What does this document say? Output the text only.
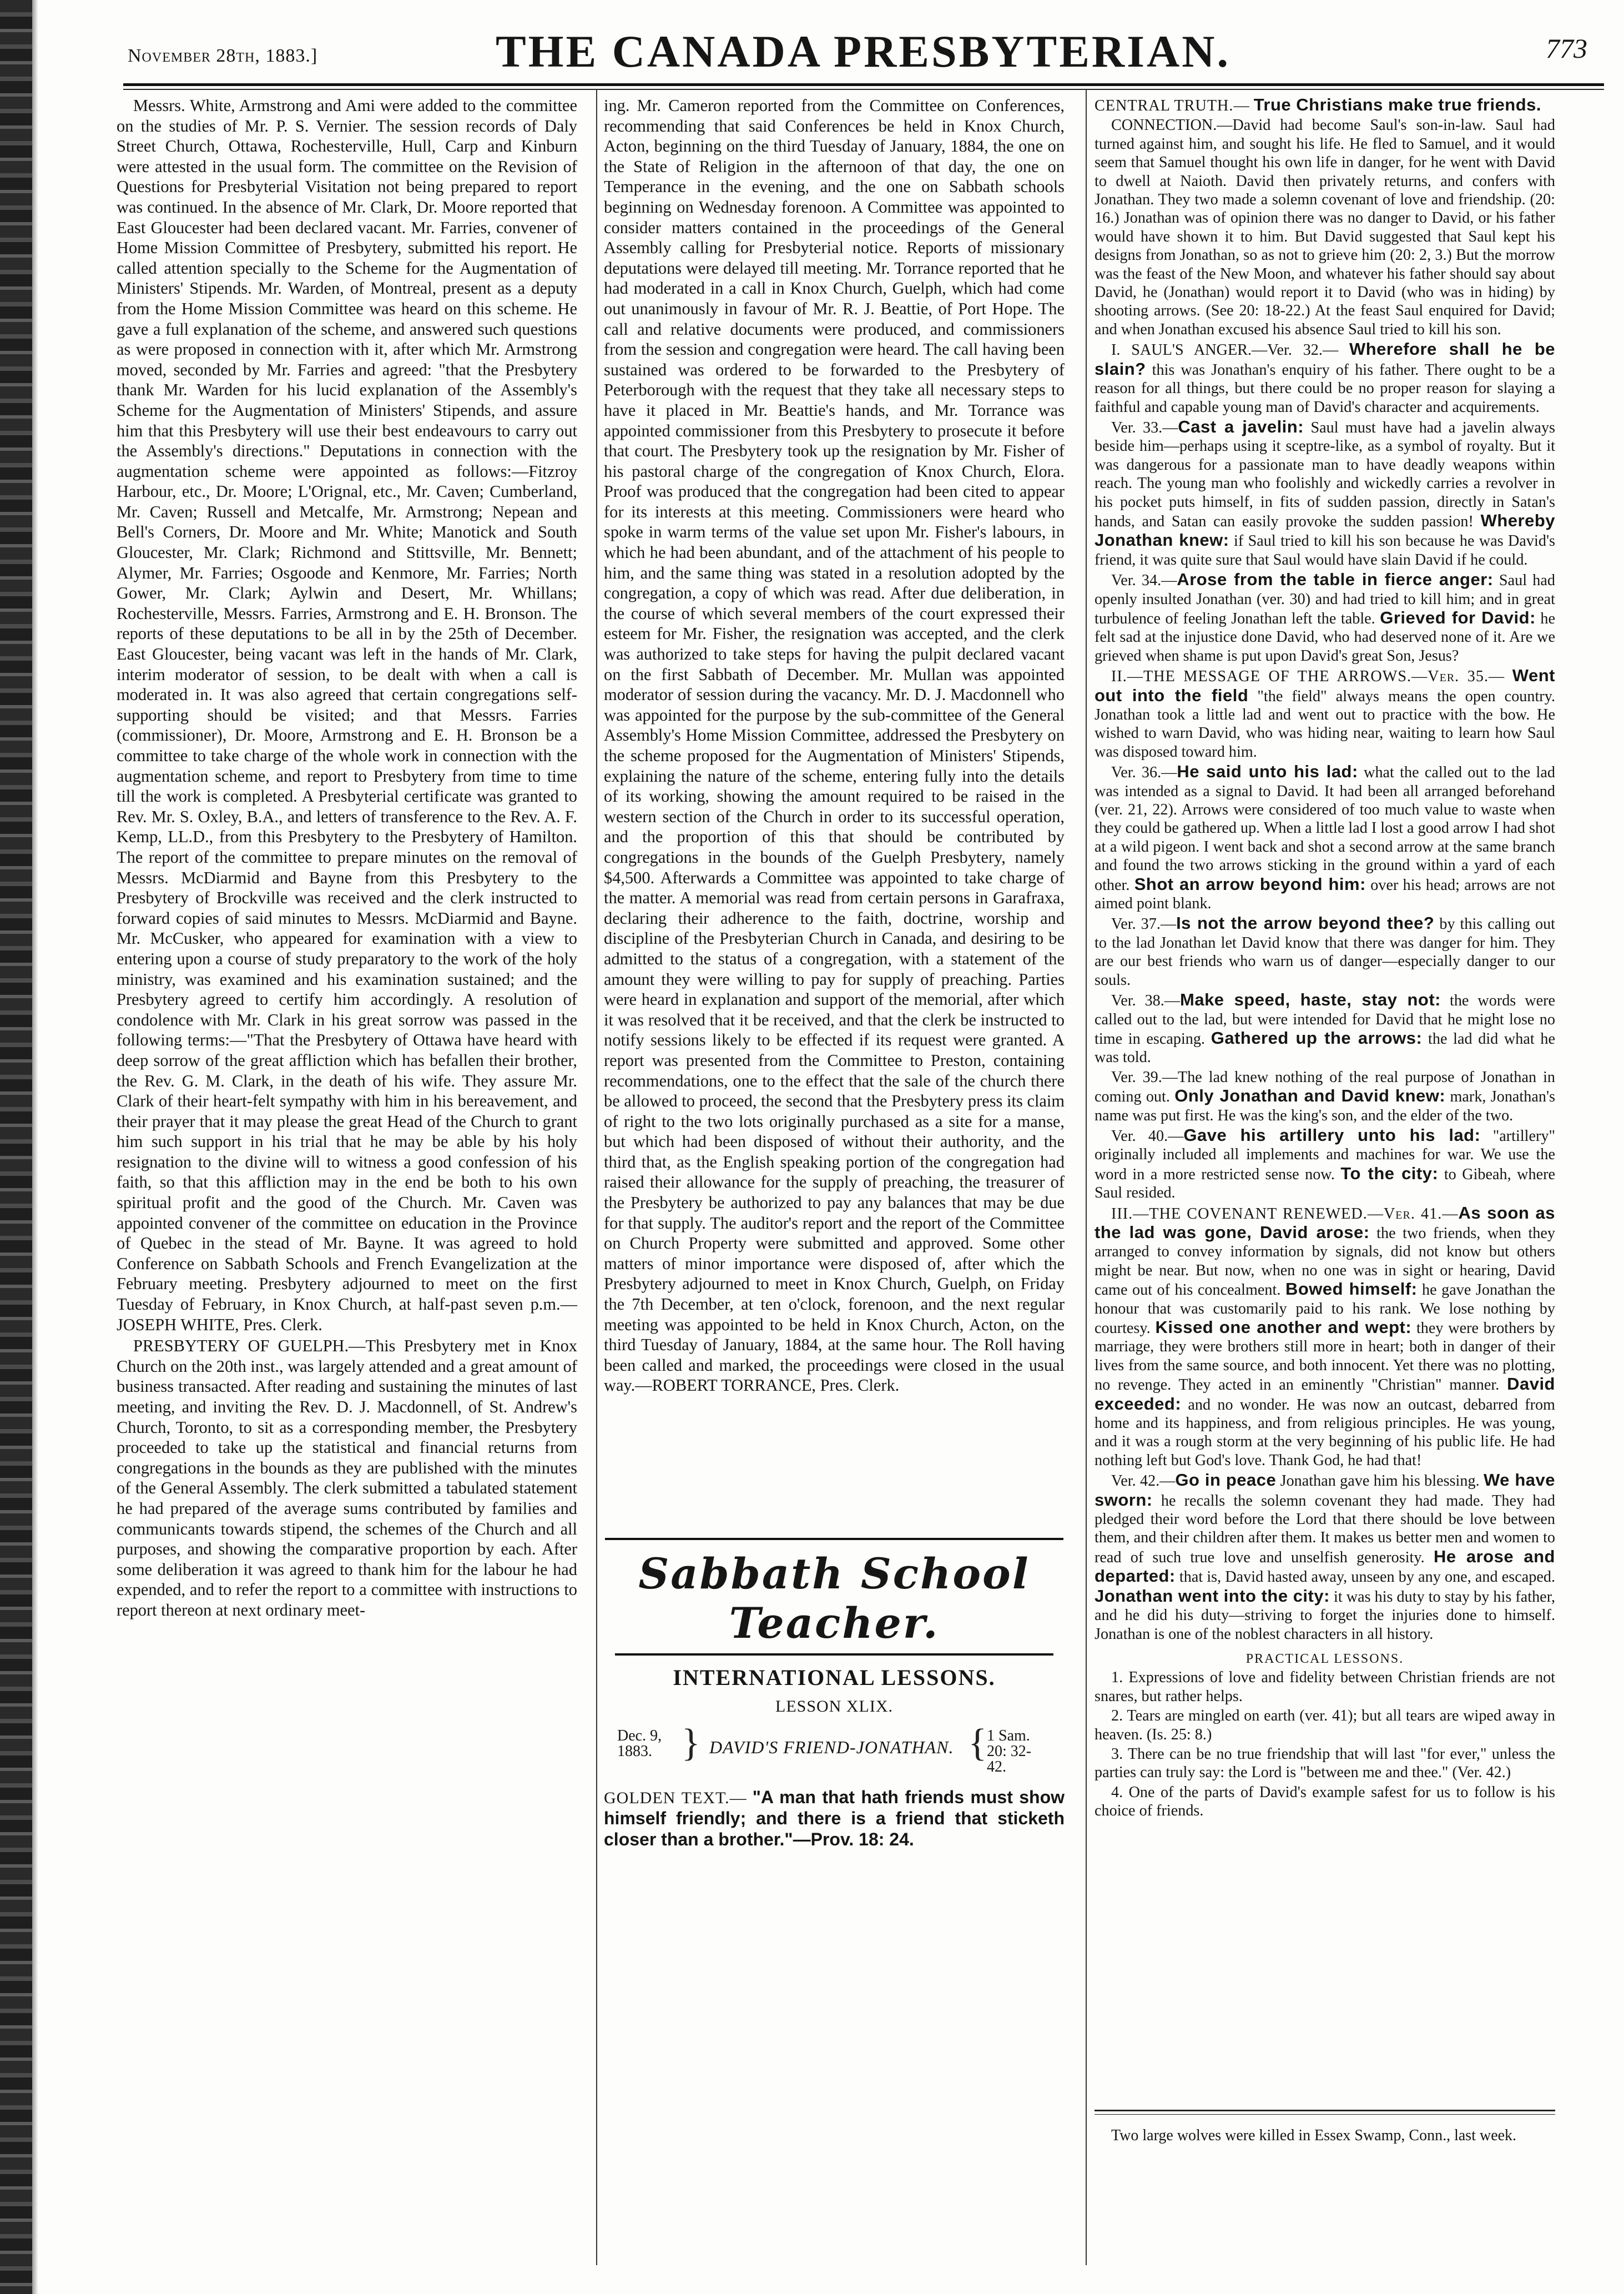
November 28th, 1883.]	THE CANADA PRESBYTERIAN.	773

Messrs. White, Armstrong and Ami were added to the committee on the studies of Mr. P. S. Vernier. The session records of Daly Street Church, Ottawa, Rochesterville, Hull, Carp and Kinburn were attested in the usual form. The committee on the Revision of Questions for Presbyterial Visitation not being prepared to report was continued. In the absence of Mr. Clark, Dr. Moore reported that East Gloucester had been declared vacant. Mr. Farries, convener of Home Mission Committee of Presbytery, submitted his report. He called attention specially to the Scheme for the Augmentation of Ministers' Stipends. Mr. Warden, of Montreal, present as a deputy from the Home Mission Committee was heard on this scheme. He gave a full explanation of the scheme, and answered such questions as were proposed in connection with it, after which Mr. Armstrong moved, seconded by Mr. Farries and agreed: "that the Presbytery thank Mr. Warden for his lucid explanation of the Assembly's Scheme for the Augmentation of Ministers' Stipends, and assure him that this Presbytery will use their best endeavours to carry out the Assembly's directions." Deputations in connection with the augmentation scheme were appointed as follows:—Fitzroy Harbour, etc., Dr. Moore; L'Orignal, etc., Mr. Caven; Cumberland, Mr. Caven; Russell and Metcalfe, Mr. Armstrong; Nepean and Bell's Corners, Dr. Moore and Mr. White; Manotick and South Gloucester, Mr. Clark; Richmond and Stittsville, Mr. Bennett; Alymer, Mr. Farries; Osgoode and Kenmore, Mr. Farries; North Gower, Mr. Clark; Aylwin and Desert, Mr. Whillans; Rochesterville, Messrs. Farries, Armstrong and E. H. Bronson. The reports of these deputations to be all in by the 25th of December. East Gloucester, being vacant was left in the hands of Mr. Clark, interim moderator of session, to be dealt with when a call is moderated in. It was also agreed that certain congregations self-supporting should be visited; and that Messrs. Farries (commissioner), Dr. Moore, Armstrong and E. H. Bronson be a committee to take charge of the whole work in connection with the augmentation scheme, and report to Presbytery from time to time till the work is completed. A Presbyterial certificate was granted to Rev. Mr. S. Oxley, B.A., and letters of transference to the Rev. A. F. Kemp, LL.D., from this Presbytery to the Presbytery of Hamilton. The report of the committee to prepare minutes on the removal of Messrs. McDiarmid and Bayne from this Presbytery to the Presbytery of Brockville was received and the clerk instructed to forward copies of said minutes to Messrs. McDiarmid and Bayne. Mr. McCusker, who appeared for examination with a view to entering upon a course of study preparatory to the work of the holy ministry, was examined and his examination sustained; and the Presbytery agreed to certify him accordingly. A resolution of condolence with Mr. Clark in his great sorrow was passed in the following terms:—"That the Presbytery of Ottawa have heard with deep sorrow of the great affliction which has befallen their brother, the Rev. G. M. Clark, in the death of his wife. They assure Mr. Clark of their heart-felt sympathy with him in his bereavement, and their prayer that it may please the great Head of the Church to grant him such support in his trial that he may be able by his holy resignation to the divine will to witness a good confession of his faith, so that this affliction may in the end be both to his own spiritual profit and the good of the Church. Mr. Caven was appointed convener of the committee on education in the Province of Quebec in the stead of Mr. Bayne. It was agreed to hold Conference on Sabbath Schools and French Evangelization at the February meeting. Presbytery adjourned to meet on the first Tuesday of February, in Knox Church, at half-past seven p.m.—JOSEPH WHITE, Pres. Clerk.

PRESBYTERY OF GUELPH.—This Presbytery met in Knox Church on the 20th inst., was largely attended and a great amount of business transacted. After reading and sustaining the minutes of last meeting, and inviting the Rev. D. J. Macdonnell, of St. Andrew's Church, Toronto, to sit as a corresponding member, the Presbytery proceeded to take up the statistical and financial returns from congregations in the bounds as they are published with the minutes of the General Assembly. The clerk submitted a tabulated statement he had prepared of the average sums contributed by families and communicants towards stipend, the schemes of the Church and all purposes, and showing the comparative proportion by each. After some deliberation it was agreed to thank him for the labour he had expended, and to refer the report to a committee with instructions to report thereon at next ordinary meet-

ing. Mr. Cameron reported from the Committee on Conferences, recommending that said Conferences be held in Knox Church, Acton, beginning on the third Tuesday of January, 1884, the one on the State of Religion in the afternoon of that day, the one on Temperance in the evening, and the one on Sabbath schools beginning on Wednesday forenoon. A Committee was appointed to consider matters contained in the proceedings of the General Assembly calling for Presbyterial notice. Reports of missionary deputations were delayed till meeting. Mr. Torrance reported that he had moderated in a call in Knox Church, Guelph, which had come out unanimously in favour of Mr. R. J. Beattie, of Port Hope. The call and relative documents were produced, and commissioners from the session and congregation were heard. The call having been sustained was ordered to be forwarded to the Presbytery of Peterborough with the request that they take all necessary steps to have it placed in Mr. Beattie's hands, and Mr. Torrance was appointed commissioner from this Presbytery to prosecute it before that court. The Presbytery took up the resignation by Mr. Fisher of his pastoral charge of the congregation of Knox Church, Elora. Proof was produced that the congregation had been cited to appear for its interests at this meeting. Commissioners were heard who spoke in warm terms of the value set upon Mr. Fisher's labours, in which he had been abundant, and of the attachment of his people to him, and the same thing was stated in a resolution adopted by the congregation, a copy of which was read. After due deliberation, in the course of which several members of the court expressed their esteem for Mr. Fisher, the resignation was accepted, and the clerk was authorized to take steps for having the pulpit declared vacant on the first Sabbath of December. Mr. Mullan was appointed moderator of session during the vacancy. Mr. D. J. Macdonnell who was appointed for the purpose by the sub-committee of the General Assembly's Home Mission Committee, addressed the Presbytery on the scheme proposed for the Augmentation of Ministers' Stipends, explaining the nature of the scheme, entering fully into the details of its working, showing the amount required to be raised in the western section of the Church in order to its successful operation, and the proportion of this that should be contributed by congregations in the bounds of the Guelph Presbytery, namely $4,500. Afterwards a Committee was appointed to take charge of the matter. A memorial was read from certain persons in Garafraxa, declaring their adherence to the faith, doctrine, worship and discipline of the Presbyterian Church in Canada, and desiring to be admitted to the status of a congregation, with a statement of the amount they were willing to pay for supply of preaching. Parties were heard in explanation and support of the memorial, after which it was resolved that it be received, and that the clerk be instructed to notify sessions likely to be effected if its request were granted. A report was presented from the Committee to Preston, containing recommendations, one to the effect that the sale of the church there be allowed to proceed, the second that the Presbytery press its claim of right to the two lots originally purchased as a site for a manse, but which had been disposed of without their authority, and the third that, as the English speaking portion of the congregation had raised their allowance for the supply of preaching, the treasurer of the Presbytery be authorized to pay any balances that may be due for that supply. The auditor's report and the report of the Committee on Church Property were submitted and approved. Some other matters of minor importance were disposed of, after which the Presbytery adjourned to meet in Knox Church, Guelph, on Friday the 7th December, at ten o'clock, forenoon, and the next regular meeting was appointed to be held in Knox Church, Acton, on the third Tuesday of January, 1884, at the same hour. The Roll having been called and marked, the proceedings were closed in the usual way.—ROBERT TORRANCE, Pres. Clerk.

Sabbath School Teacher.
INTERNATIONAL LESSONS.
LESSON XLIX.
Dec. 9, 1883. } DAVID'S FRIEND-JONATHAN. { 1 Sam. 20: 32-42.
GOLDEN TEXT.— "A man that hath friends must show himself friendly; and there is a friend that sticketh closer than a brother."—Prov. 18: 24.

CENTRAL TRUTH.— True Christians make true friends.

CONNECTION.—David had become Saul's son-in-law. Saul had turned against him, and sought his life. He fled to Samuel, and it would seem that Samuel thought his own life in danger, for he went with David to dwell at Naioth. David then privately returns, and confers with Jonathan. They two made a solemn covenant of love and friendship. (20: 16.) Jonathan was of opinion there was no danger to David, or his father would have shown it to him. But David suggested that Saul kept his designs from Jonathan, so as not to grieve him (20: 2, 3.) But the morrow was the feast of the New Moon, and whatever his father should say about David, he (Jonathan) would report it to David (who was in hiding) by shooting arrows. (See 20: 18-22.) At the feast Saul enquired for David; and when Jonathan excused his absence Saul tried to kill his son.

I. SAUL'S ANGER.—Ver. 32.— Wherefore shall he be slain? this was Jonathan's enquiry of his father. There ought to be a reason for all things, but there could be no proper reason for slaying a faithful and capable young man of David's character and acquirements.

Ver. 33.—Cast a javelin: Saul must have had a javelin always beside him—perhaps using it sceptre-like, as a symbol of royalty. But it was dangerous for a passionate man to have deadly weapons within reach. The young man who foolishly and wickedly carries a revolver in his pocket puts himself, in fits of sudden passion, directly in Satan's hands, and Satan can easily provoke the sudden passion! Whereby Jonathan knew: if Saul tried to kill his son because he was David's friend, it was quite sure that Saul would have slain David if he could.

Ver. 34.—Arose from the table in fierce anger: Saul had openly insulted Jonathan (ver. 30) and had tried to kill him; and in great turbulence of feeling Jonathan left the table. Grieved for David: he felt sad at the injustice done David, who had deserved none of it. Are we grieved when shame is put upon David's great Son, Jesus?

II.—THE MESSAGE OF THE ARROWS.—Ver. 35.— Went out into the field "the field" always means the open country. Jonathan took a little lad and went out to practice with the bow. He wished to warn David, who was hiding near, waiting to learn how Saul was disposed toward him.

Ver. 36.—He said unto his lad: what the called out to the lad was intended as a signal to David. It had been all arranged beforehand (ver. 21, 22). Arrows were considered of too much value to waste when they could be gathered up. When a little lad I lost a good arrow I had shot at a wild pigeon. I went back and shot a second arrow at the same branch and found the two arrows sticking in the ground within a yard of each other. Shot an arrow beyond him: over his head; arrows are not aimed point blank.

Ver. 37.—Is not the arrow beyond thee? by this calling out to the lad Jonathan let David know that there was danger for him. They are our best friends who warn us of danger—especially danger to our souls.

Ver. 38.—Make speed, haste, stay not: the words were called out to the lad, but were intended for David that he might lose no time in escaping. Gathered up the arrows: the lad did what he was told.

Ver. 39.—The lad knew nothing of the real purpose of Jonathan in coming out. Only Jonathan and David knew: mark, Jonathan's name was put first. He was the king's son, and the elder of the two.

Ver. 40.—Gave his artillery unto his lad: "artillery" originally included all implements and machines for war. We use the word in a more restricted sense now. To the city: to Gibeah, where Saul resided.

III.—THE COVENANT RENEWED.—Ver. 41.—As soon as the lad was gone, David arose: the two friends, when they arranged to convey information by signals, did not know but others might be near. But now, when no one was in sight or hearing, David came out of his concealment. Bowed himself: he gave Jonathan the honour that was customarily paid to his rank. We lose nothing by courtesy. Kissed one another and wept: they were brothers by marriage, they were brothers still more in heart; both in danger of their lives from the same source, and both innocent. Yet there was no plotting, no revenge. They acted in an eminently "Christian" manner. David exceeded: and no wonder. He was now an outcast, debarred from home and its happiness, and from religious principles. He was young, and it was a rough storm at the very beginning of his public life. He had nothing left but God's love. Thank God, he had that!

Ver. 42.—Go in peace Jonathan gave him his blessing. We have sworn: he recalls the solemn covenant they had made. They had pledged their word before the Lord that there should be love between them, and their children after them. It makes us better men and women to read of such true love and unselfish generosity. He arose and departed: that is, David hasted away, unseen by any one, and escaped. Jonathan went into the city: it was his duty to stay by his father, and he did his duty—striving to forget the injuries done to himself. Jonathan is one of the noblest characters in all history.

PRACTICAL LESSONS.

1. Expressions of love and fidelity between Christian friends are not snares, but rather helps.

2. Tears are mingled on earth (ver. 41); but all tears are wiped away in heaven. (Is. 25: 8.)

3. There can be no true friendship that will last "for ever," unless the parties can truly say: the Lord is "between me and thee." (Ver. 42.)

4. One of the parts of David's example safest for us to follow is his choice of friends.

Two large wolves were killed in Essex Swamp, Conn., last week.
